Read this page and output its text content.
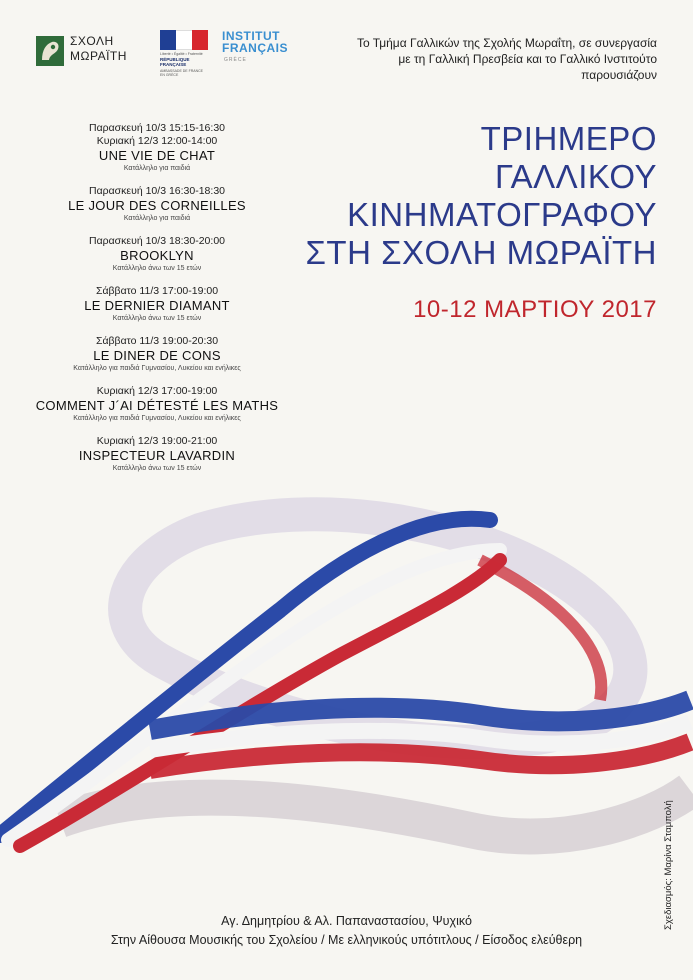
ΣΧΟΛΗ
ΜΩΡΑΪΤΗ	Liberté • Égalité • Fraternité
RÉPUBLIQUE FRANÇAISE
AMBASSADE DE FRANCE
EN GRÈCE
INSTITUT
FRANÇAIS
GRÈCE
Το Τμήμα Γαλλικών της Σχολής Μωραΐτη, σε συνεργασία
με τη Γαλλική Πρεσβεία και το Γαλλικό Ινστιτούτο
παρουσιάζουν
ΤΡΙΗΜΕΡΟ
ΓΑΛΛΙΚΟΥ
ΚΙΝΗΜΑΤΟΓΡΑΦΟΥ
ΣΤΗ ΣΧΟΛΗ ΜΩΡΑΪΤΗ
10-12 ΜΑΡΤΙΟΥ 2017
Παρασκευή 10/3 15:15-16:30
Κυριακή 12/3 12:00-14:00
UNE VIE DE CHAT
Κατάλληλο για παιδιά
Παρασκευή 10/3 16:30-18:30
LE JOUR DES CORNEILLES
Κατάλληλο για παιδιά
Παρασκευή 10/3 18:30-20:00
BROOKLYN
Κατάλληλο άνω των 15 ετών
Σάββατο 11/3 17:00-19:00
LE DERNIER DIAMANT
Κατάλληλο άνω των 15 ετών
Σάββατο 11/3 19:00-20:30
LE DINER DE CONS
Κατάλληλο για παιδιά Γυμνασίου, Λυκείου και ενήλικες
Κυριακή 12/3 17:00-19:00
COMMENT J´AI DÉTESTÉ LES MATHS
Κατάλληλο για παιδιά Γυμνασίου, Λυκείου και ενήλικες
Κυριακή 12/3 19:00-21:00
INSPECTEUR LAVARDIN
Κατάλληλο άνω των 15 ετών
Σχεδιασμός: Μαρίνα Σταμπολή
Αγ. Δημητρίου & Αλ. Παπαναστασίου, Ψυχικό
Στην Αίθουσα Μουσικής του Σχολείου / Με ελληνικούς υπότιτλους / Είσοδος ελεύθερη
